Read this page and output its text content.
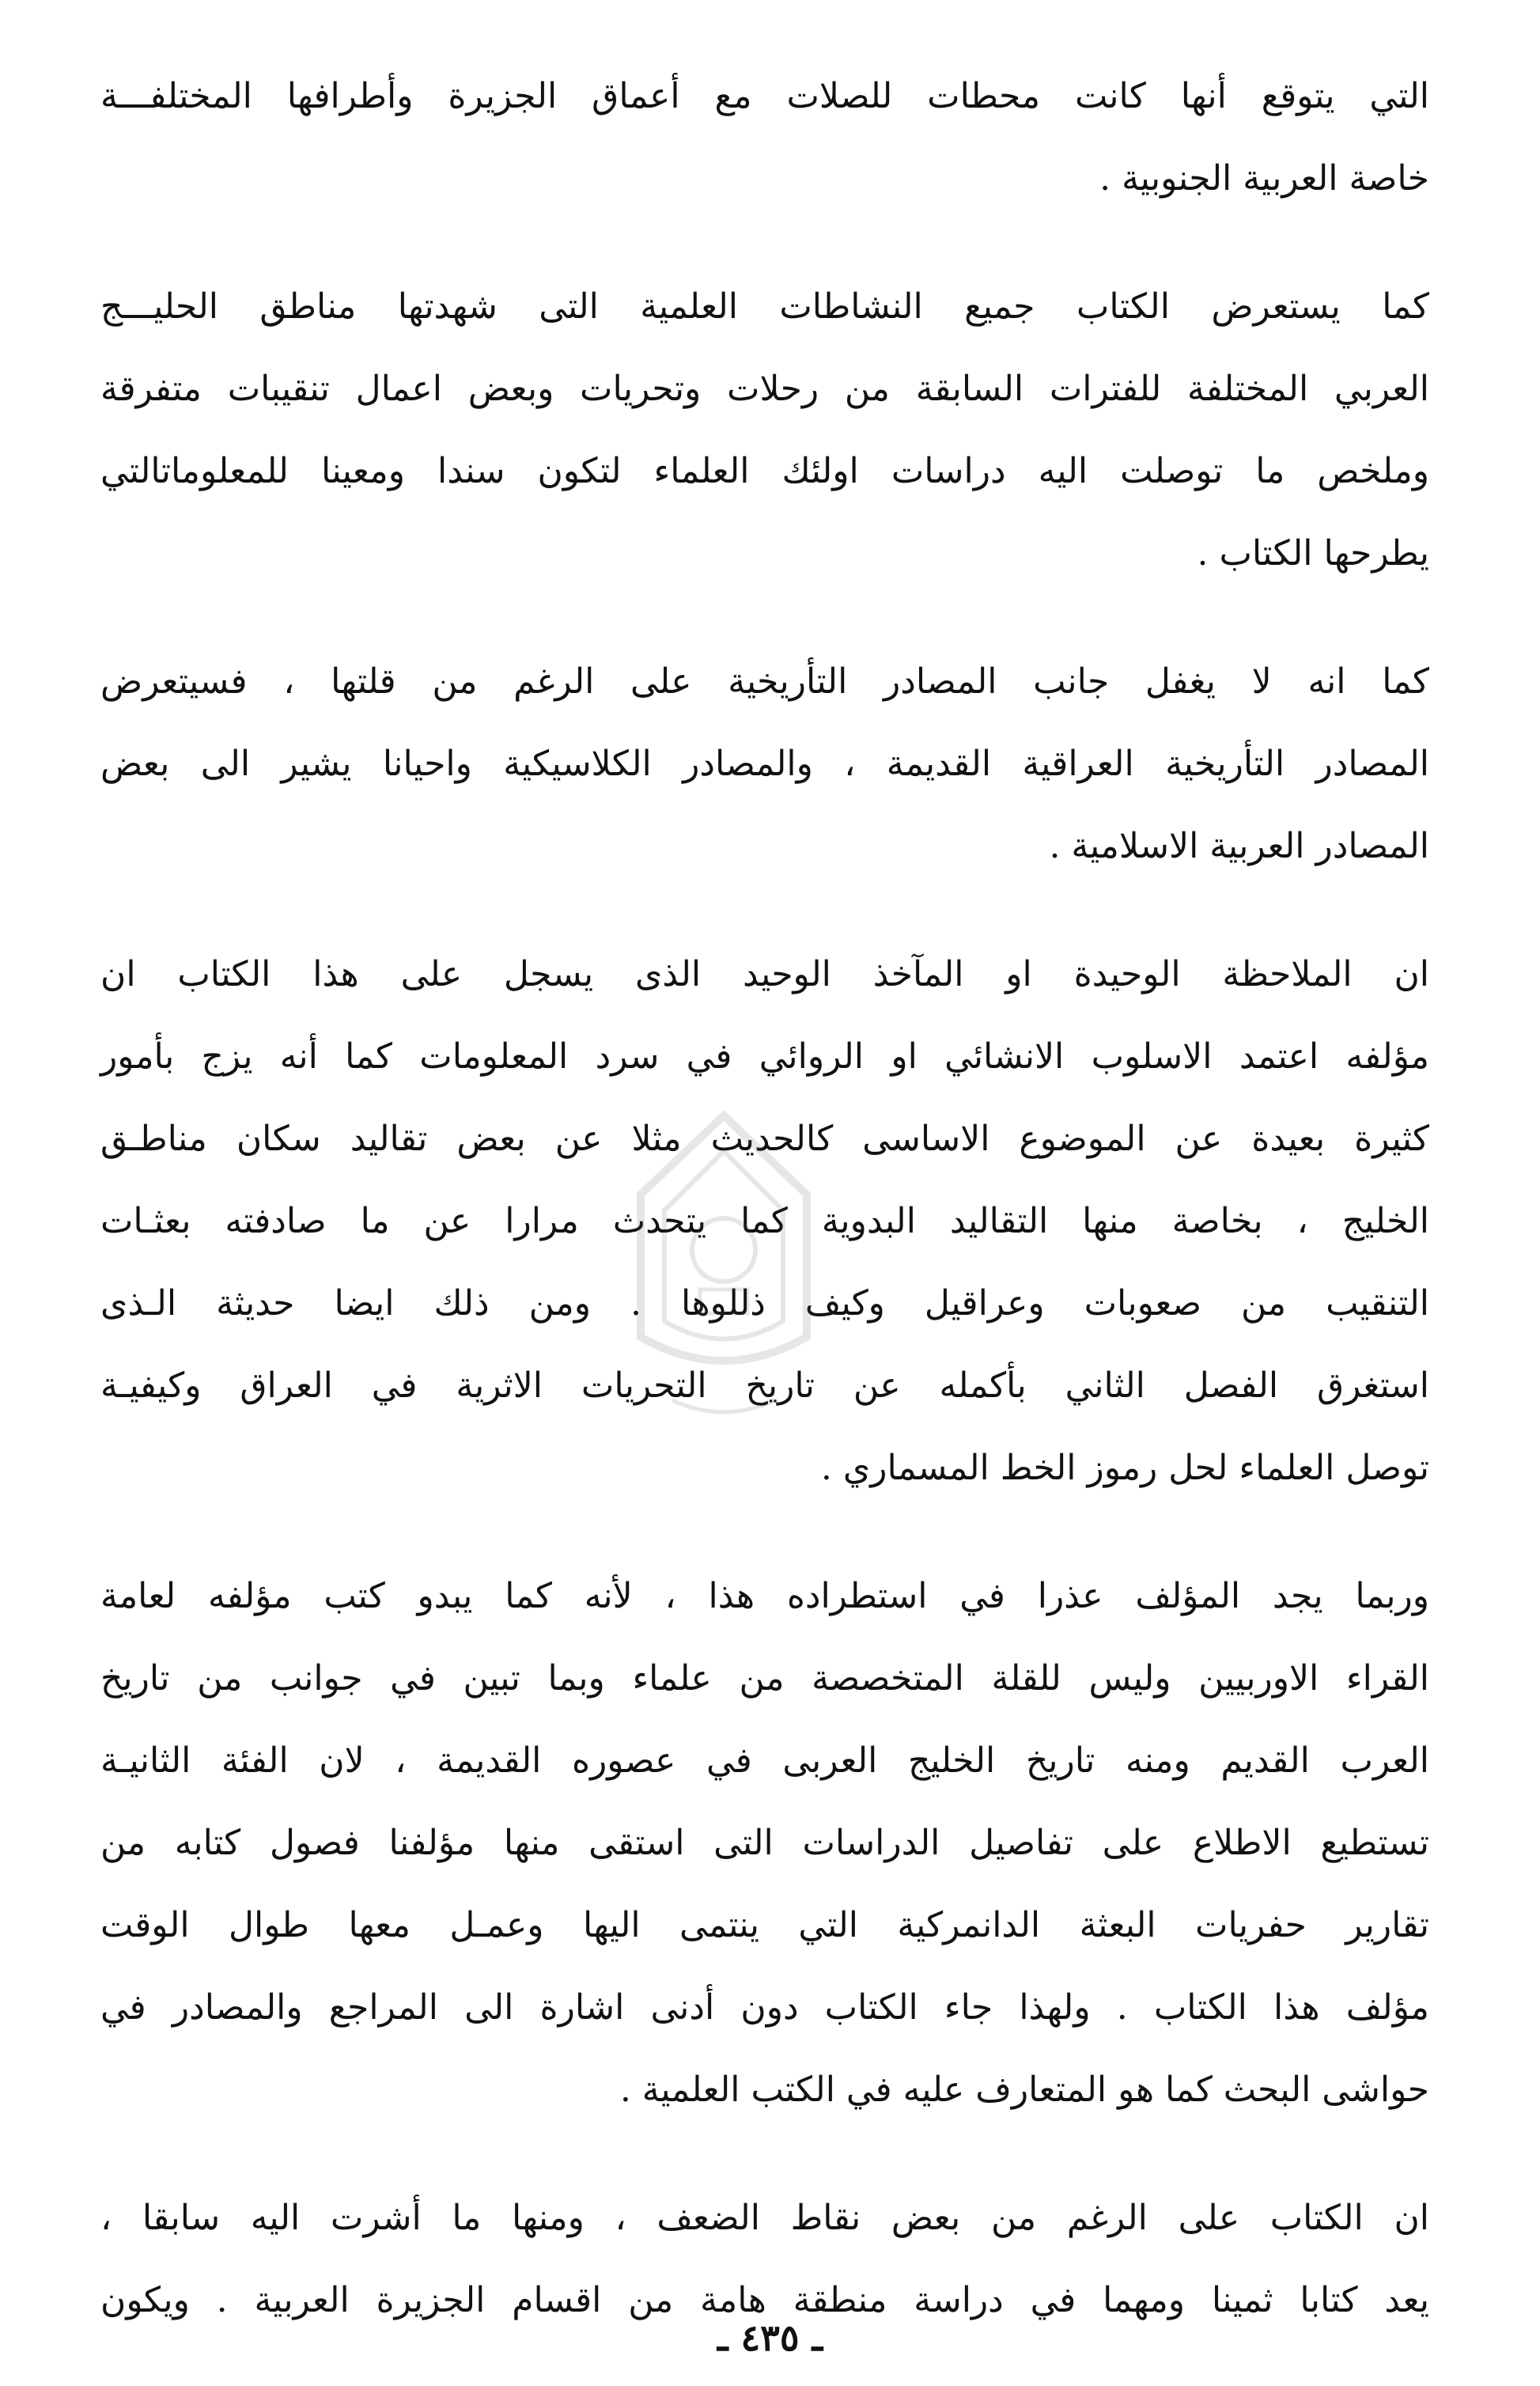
التي يتوقع أنها كانت محطات للصلات مع أعماق الجزيرة وأطرافها المختلفـــة
خاصة العربية الجنوبية .
كما يستعرض الكتاب جميع النشاطات العلمية التى شهدتها مناطق الحليـــج
العربي المختلفة للفترات السابقة من رحلات وتحريات وبعض اعمال تنقيبات متفرقة
وملخص ما توصلت اليه دراسات اولئك العلماء لتكون سندا ومعينا للمعلوماتالتي
يطرحها الكتاب .
كما انه لا يغفل جانب المصادر التأريخية على الرغم من قلتها ، فسيتعرض
المصادر التأريخية العراقية القديمة ، والمصادر الكلاسيكية واحيانا يشير الى بعض
المصادر العربية الاسلامية .
ان الملاحظة الوحيدة او المآخذ الوحيد الذى يسجل على هذا الكتاب ان
مؤلفه اعتمد الاسلوب الانشائي او الروائي في سرد المعلومات كما أنه يزج بأمور
كثيرة بعيدة عن الموضوع الاساسى كالحديث مثلا عن بعض تقاليد سكان مناطـق
الخليج ، بخاصة منها التقاليد البدوية كما يتحدث مرارا عن ما صادفته بعثـات
التنقيب من صعوبات وعراقيل وكيف ذللوها . ومن ذلك ايضا حديثة الـذى
استغرق الفصل الثاني بأكمله عن تاريخ التحريات الاثرية في العراق وكيفيـة
توصل العلماء لحل رموز الخط المسماري .
وربما يجد المؤلف عذرا في استطراده هذا ، لأنه كما يبدو كتب مؤلفه لعامة
القراء الاوربيين وليس للقلة المتخصصة من علماء وبما تبين في جوانب من تاريخ
العرب القديم ومنه تاريخ الخليج العربى في عصوره القديمة ، لان الفئة الثانيـة
تستطيع الاطلاع على تفاصيل الدراسات التى استقى منها مؤلفنا فصول كتابه من
تقارير حفريات البعثة الدانمركية التي ينتمى اليها وعمـل معها طوال الوقت
مؤلف هذا الكتاب . ولهذا جاء الكتاب دون أدنى اشارة الى المراجع والمصادر في
حواشى البحث كما هو المتعارف عليه في الكتب العلمية .
ان الكتاب على الرغم من بعض نقاط الضعف ، ومنها ما أشرت اليه سابقا ،
يعد كتابا ثمينا ومهما في دراسة منطقة هامة من اقسام الجزيرة العربية . ويكون
ـ ٤٣٥ ـ
